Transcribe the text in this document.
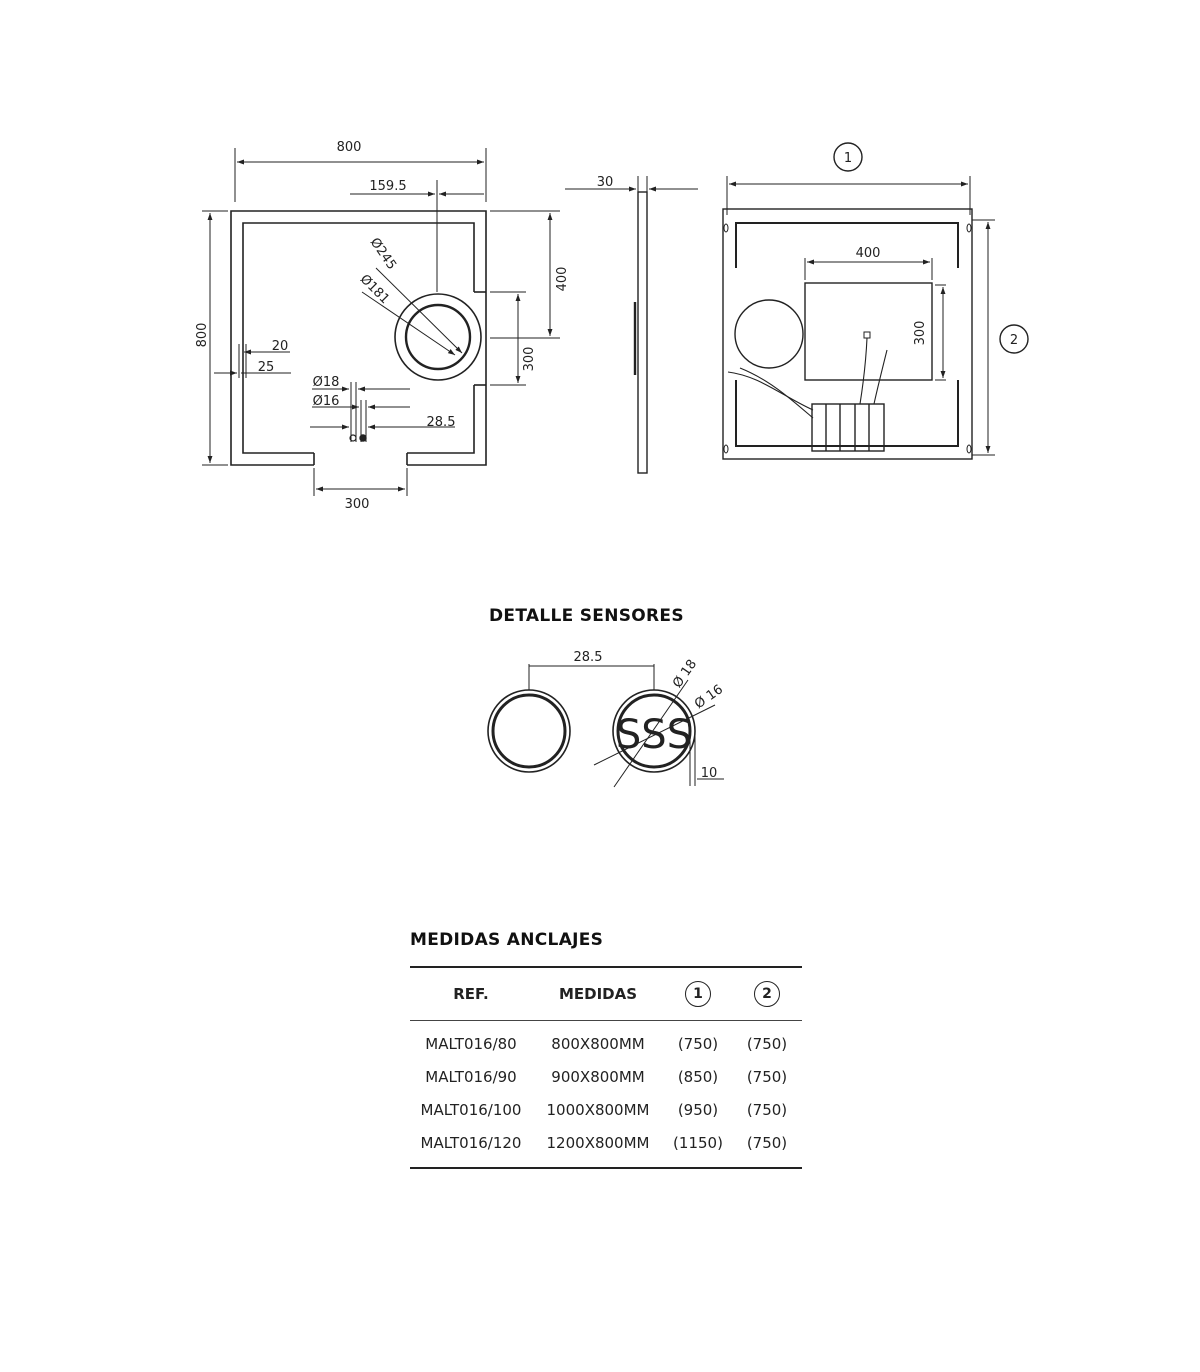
800
159.5
800
400
300
Ø245
Ø181
20
25
Ø18
Ø16
28.5
300
30
1
2
400
300
28.5	Ø 18
Ø 16
SSS
10
DETALLE SENSORES
MEDIDAS ANCLAJES
REF.	MEDIDAS	1	2
MALT016/80	800X800MM	(750)	(750)
MALT016/90	900X800MM	(850)	(750)
MALT016/100	1000X800MM	(950)	(750)
MALT016/120	1200X800MM	(1150)	(750)
